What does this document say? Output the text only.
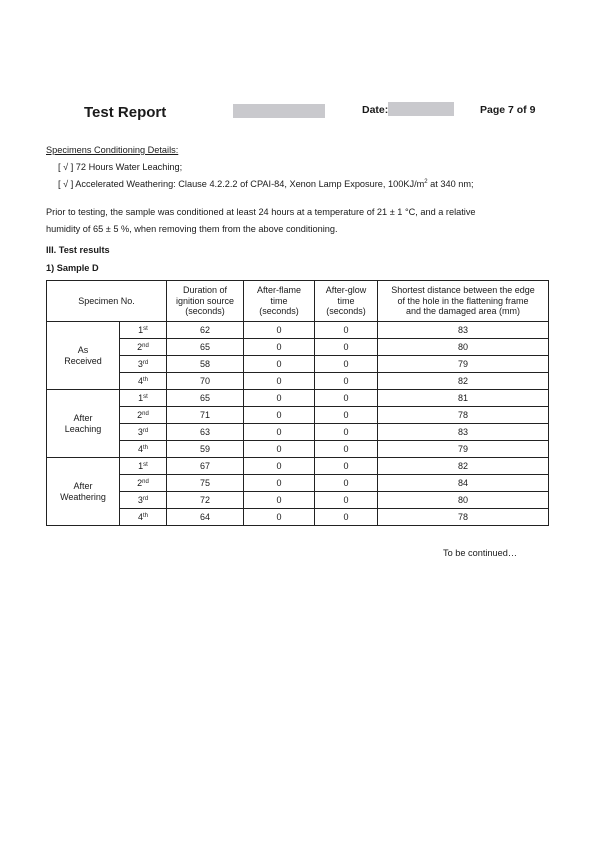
Test Report	Date:	Page 7 of 9
Specimens Conditioning Details:
[ √ ] 72 Hours Water Leaching;
[ √ ] Accelerated Weathering: Clause 4.2.2.2 of CPAI-84, Xenon Lamp Exposure, $100KJ/m^2$ at 340 nm;
Prior to testing, the sample was conditioned at least 24 hours at a temperature of 21 ± 1 °C, and a relative
humidity of 65 ± 5 %, when removing them from the above conditioning.
III. Test results
1) Sample D
Specimen No.		Duration of
ignition source
(seconds)	After-flame
time
(seconds)	After-glow
time
(seconds)	Shortest distance between the edge
of the hole in the flattening frame
and the damaged area (mm)
As
Received	1st	62	0	0	83
	2nd	65	0	0	80
	3rd	58	0	0	79
	4th	70	0	0	82
After
Leaching	1st	65	0	0	81
	2nd	71	0	0	78
	3rd	63	0	0	83
	4th	59	0	0	79
After
Weathering	1st	67	0	0	82
	2nd	75	0	0	84
	3rd	72	0	0	80
	4th	64	0	0	78
To be continued…
